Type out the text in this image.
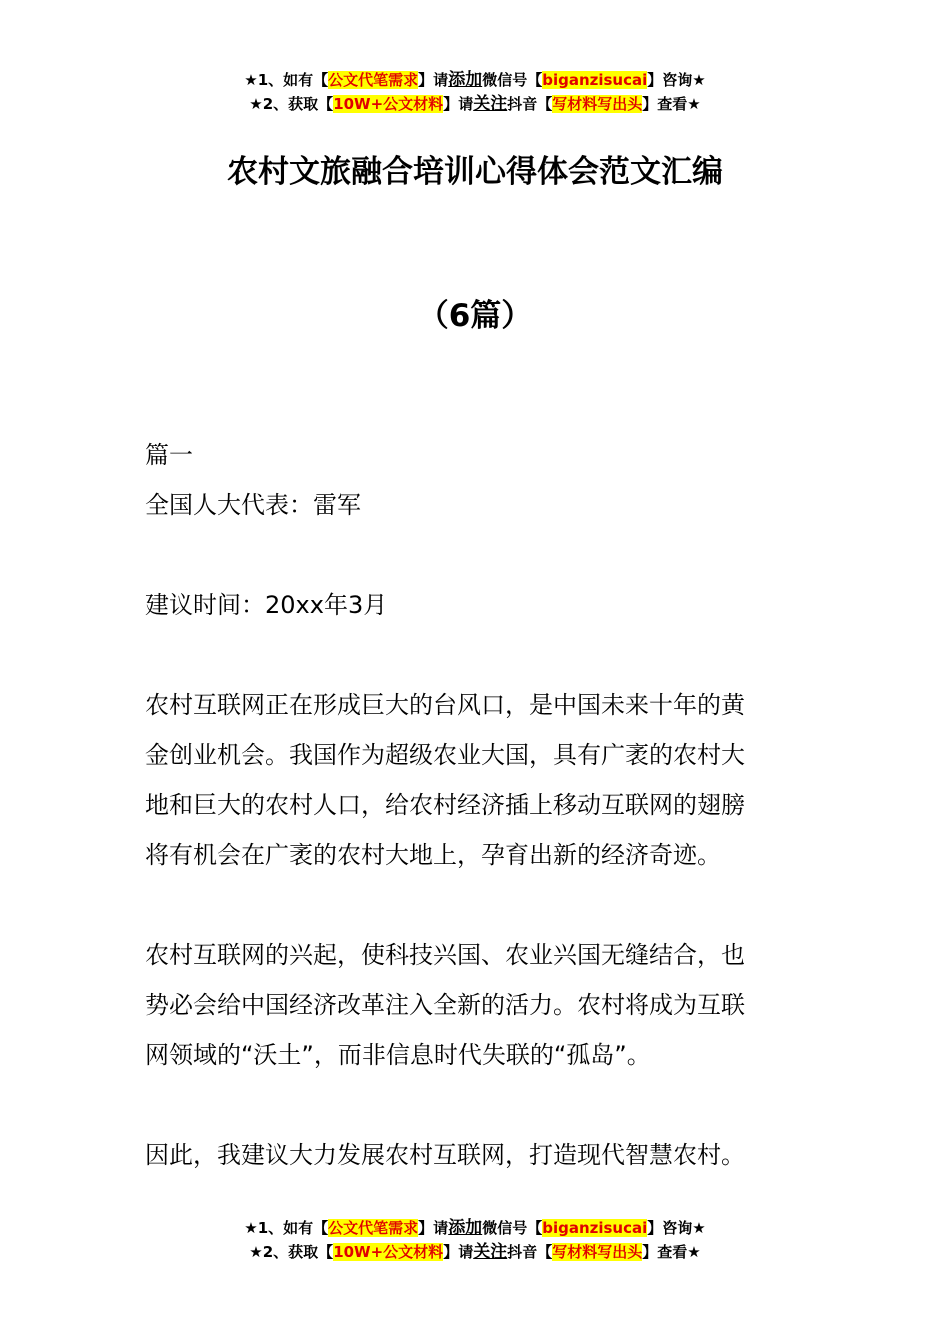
★1、如有【公文代笔需求】请添加微信号【biganzisucai】咨询★
★2、获取【10W+公文材料】请关注抖音【写材料写出头】查看★
农村文旅融合培训心得体会范文汇编
（6篇）

篇一

全国人大代表：雷军

建议时间：20xx年3月

农村互联网正在形成巨大的台风口，是中国未来十年的黄

金创业机会。我国作为超级农业大国，具有广袤的农村大

地和巨大的农村人口，给农村经济插上移动互联网的翅膀

将有机会在广袤的农村大地上，孕育出新的经济奇迹。

农村互联网的兴起，使科技兴国、农业兴国无缝结合，也

势必会给中国经济改革注入全新的活力。农村将成为互联

网领域的“沃土”，而非信息时代失联的“孤岛”。

因此，我建议大力发展农村互联网，打造现代智慧农村。

★1、如有【公文代笔需求】请添加微信号【biganzisucai】咨询★
★2、获取【10W+公文材料】请关注抖音【写材料写出头】查看★
